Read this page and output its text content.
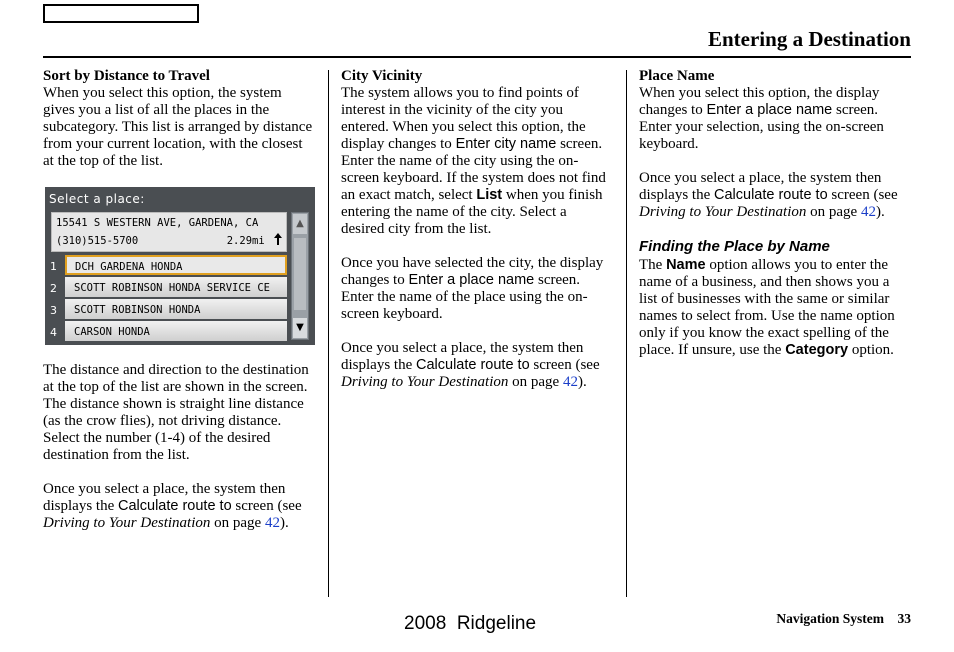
Entering a Destination
Sort by Distance to Travel
When you select this option, the system gives you a list of all the places in the subcategory. This list is arranged by distance from your current location, with the closest at the top of the list.
Select a place:
15541 S WESTERN AVE, GARDENA, CA
(310)515-5700	2.29mi
1	DCH GARDENA HONDA
2	SCOTT ROBINSON HONDA SERVICE CE
3	SCOTT ROBINSON HONDA
4	CARSON HONDA
▲
▼
The distance and direction to the destination at the top of the list are shown in the screen. The distance shown is straight line distance (as the crow flies), not driving distance. Select the number (1-4) of the desired destination from the list.
Once you select a place, the system then displays the Calculate route to screen (see Driving to Your Destination on page 42).
City Vicinity
The system allows you to find points of interest in the vicinity of the city you entered. When you select this option, the display changes to Enter city name screen. Enter the name of the city using the on-screen keyboard. If the system does not find an exact match, select List when you finish entering the name of the city. Select a desired city from the list.
Once you have selected the city, the display changes to Enter a place name screen. Enter the name of the place using the on-screen keyboard.
Once you select a place, the system then displays the Calculate route to screen (see Driving to Your Destination on page 42).
Place Name
When you select this option, the display changes to Enter a place name screen. Enter your selection, using the on-screen keyboard.
Once you select a place, the system then displays the Calculate route to screen (see Driving to Your Destination on page 42).
Finding the Place by Name
The Name option allows you to enter the name of a business, and then shows you a list of businesses with the same or similar names to select from. Use the name option only if you know the exact spelling of the place. If unsure, use the Category option.
2008  Ridgeline	Navigation System 33
